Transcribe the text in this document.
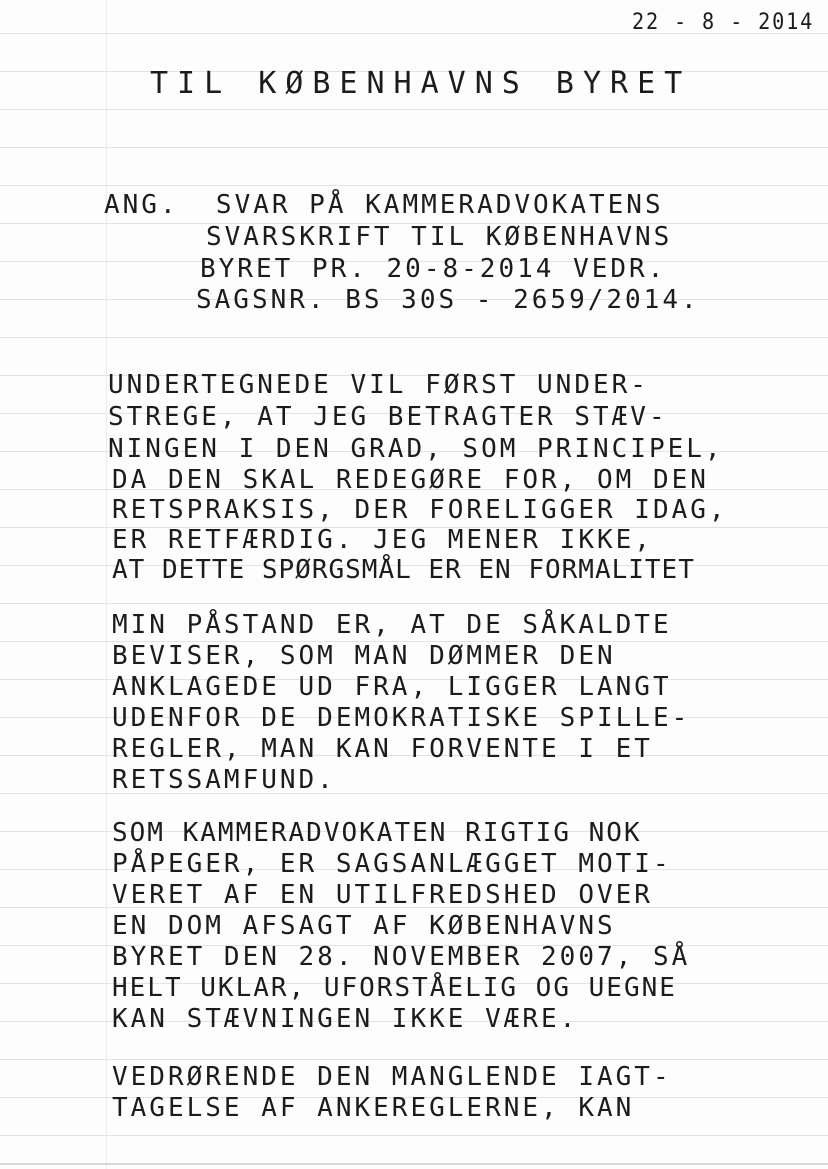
22 - 8 - 2014
TIL KØBENHAVNS BYRET
ANG.  SVAR PÅ KAMMERADVOKATENS
SVARSKRIFT TIL KØBENHAVNS
BYRET PR. 20-8-2014 VEDR.
SAGSNR. BS 30S - 2659/2014.
UNDERTEGNEDE VIL FØRST UNDER-
STREGE, AT JEG BETRAGTER STÆV-
NINGEN I DEN GRAD, SOM PRINCIPEL,
DA DEN SKAL REDEGØRE FOR, OM DEN
RETSPRAKSIS, DER FORELIGGER IDAG,
ER RETFÆRDIG. JEG MENER IKKE,
AT DETTE SPØRGSMÅL ER EN FORMALITET
MIN PÅSTAND ER, AT DE SÅKALDTE
BEVISER, SOM MAN DØMMER DEN
ANKLAGEDE UD FRA, LIGGER LANGT
UDENFOR DE DEMOKRATISKE SPILLE-
REGLER, MAN KAN FORVENTE I ET
RETSSAMFUND.
SOM KAMMERADVOKATEN RIGTIG NOK
PÅPEGER, ER SAGSANLÆGGET MOTI-
VERET AF EN UTILFREDSHED OVER
EN DOM AFSAGT AF KØBENHAVNS
BYRET DEN 28. NOVEMBER 2007, SÅ
HELT UKLAR, UFORSTÅELIG OG UEGNE
KAN STÆVNINGEN IKKE VÆRE.
VEDRØRENDE DEN MANGLENDE IAGT-
TAGELSE AF ANKEREGLERNE, KAN
